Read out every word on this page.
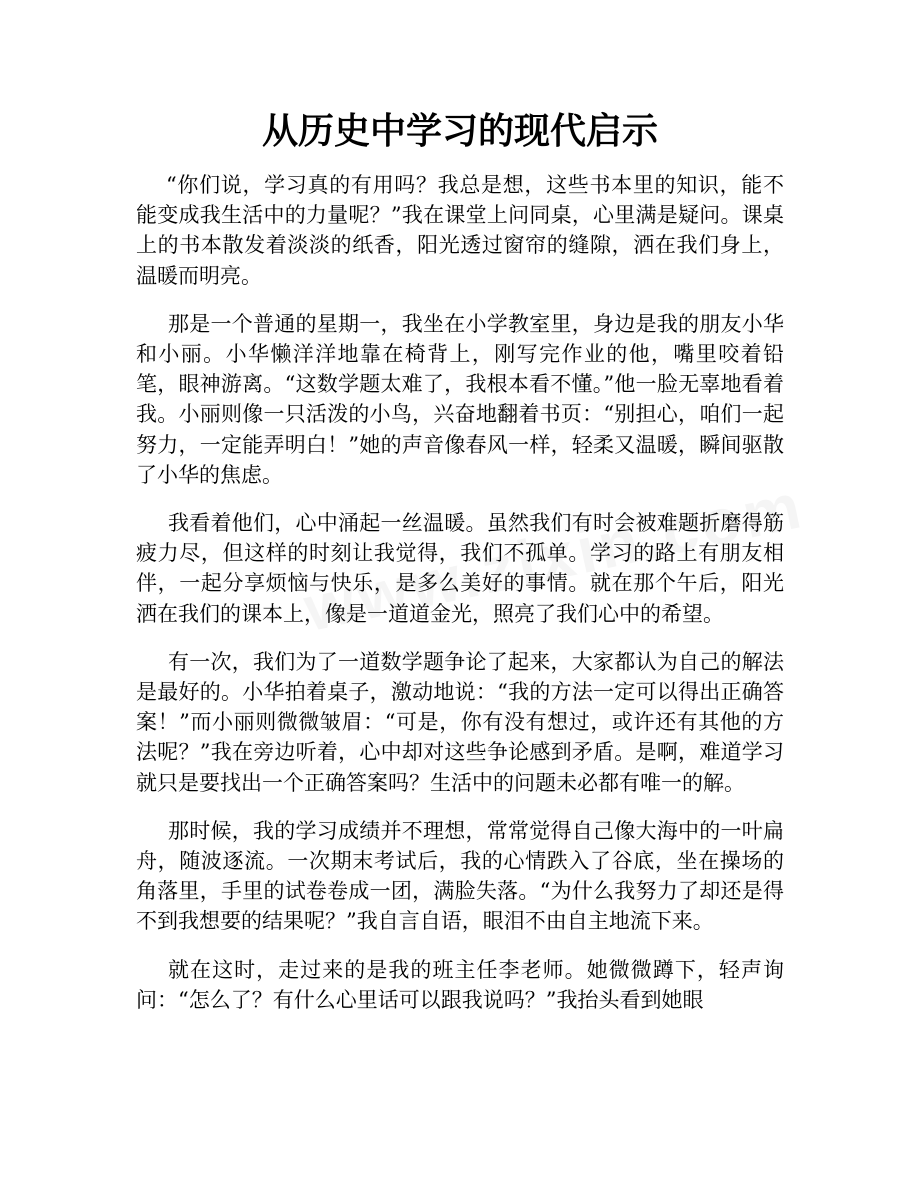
从历史中学习的现代启示

“你们说，学习真的有用吗？我总是想，这些书本里的知识，能不能变成我生活中的力量呢？”我在课堂上问同桌，心里满是疑问。课桌上的书本散发着淡淡的纸香，阳光透过窗帘的缝隙，洒在我们身上，温暖而明亮。

那是一个普通的星期一，我坐在小学教室里，身边是我的朋友小华和小丽。小华懒洋洋地靠在椅背上，刚写完作业的他，嘴里咬着铅笔，眼神游离。“这数学题太难了，我根本看不懂。”他一脸无辜地看着我。小丽则像一只活泼的小鸟，兴奋地翻着书页：“别担心，咱们一起努力，一定能弄明白！”她的声音像春风一样，轻柔又温暖，瞬间驱散了小华的焦虑。

我看着他们，心中涌起一丝温暖。虽然我们有时会被难题折磨得筋疲力尽，但这样的时刻让我觉得，我们不孤单。学习的路上有朋友相伴，一起分享烦恼与快乐，是多么美好的事情。就在那个午后，阳光洒在我们的课本上，像是一道道金光，照亮了我们心中的希望。

有一次，我们为了一道数学题争论了起来，大家都认为自己的解法是最好的。小华拍着桌子，激动地说：“我的方法一定可以得出正确答案！”而小丽则微微皱眉：“可是，你有没有想过，或许还有其他的方法呢？”我在旁边听着，心中却对这些争论感到矛盾。是啊，难道学习就只是要找出一个正确答案吗？生活中的问题未必都有唯一的解。

那时候，我的学习成绩并不理想，常常觉得自己像大海中的一叶扁舟，随波逐流。一次期末考试后，我的心情跌入了谷底，坐在操场的角落里，手里的试卷卷成一团，满脸失落。“为什么我努力了却还是得不到我想要的结果呢？”我自言自语，眼泪不由自主地流下来。

就在这时，走过来的是我的班主任李老师。她微微蹲下，轻声询问：“怎么了？有什么心里话可以跟我说吗？”我抬头看到她眼
